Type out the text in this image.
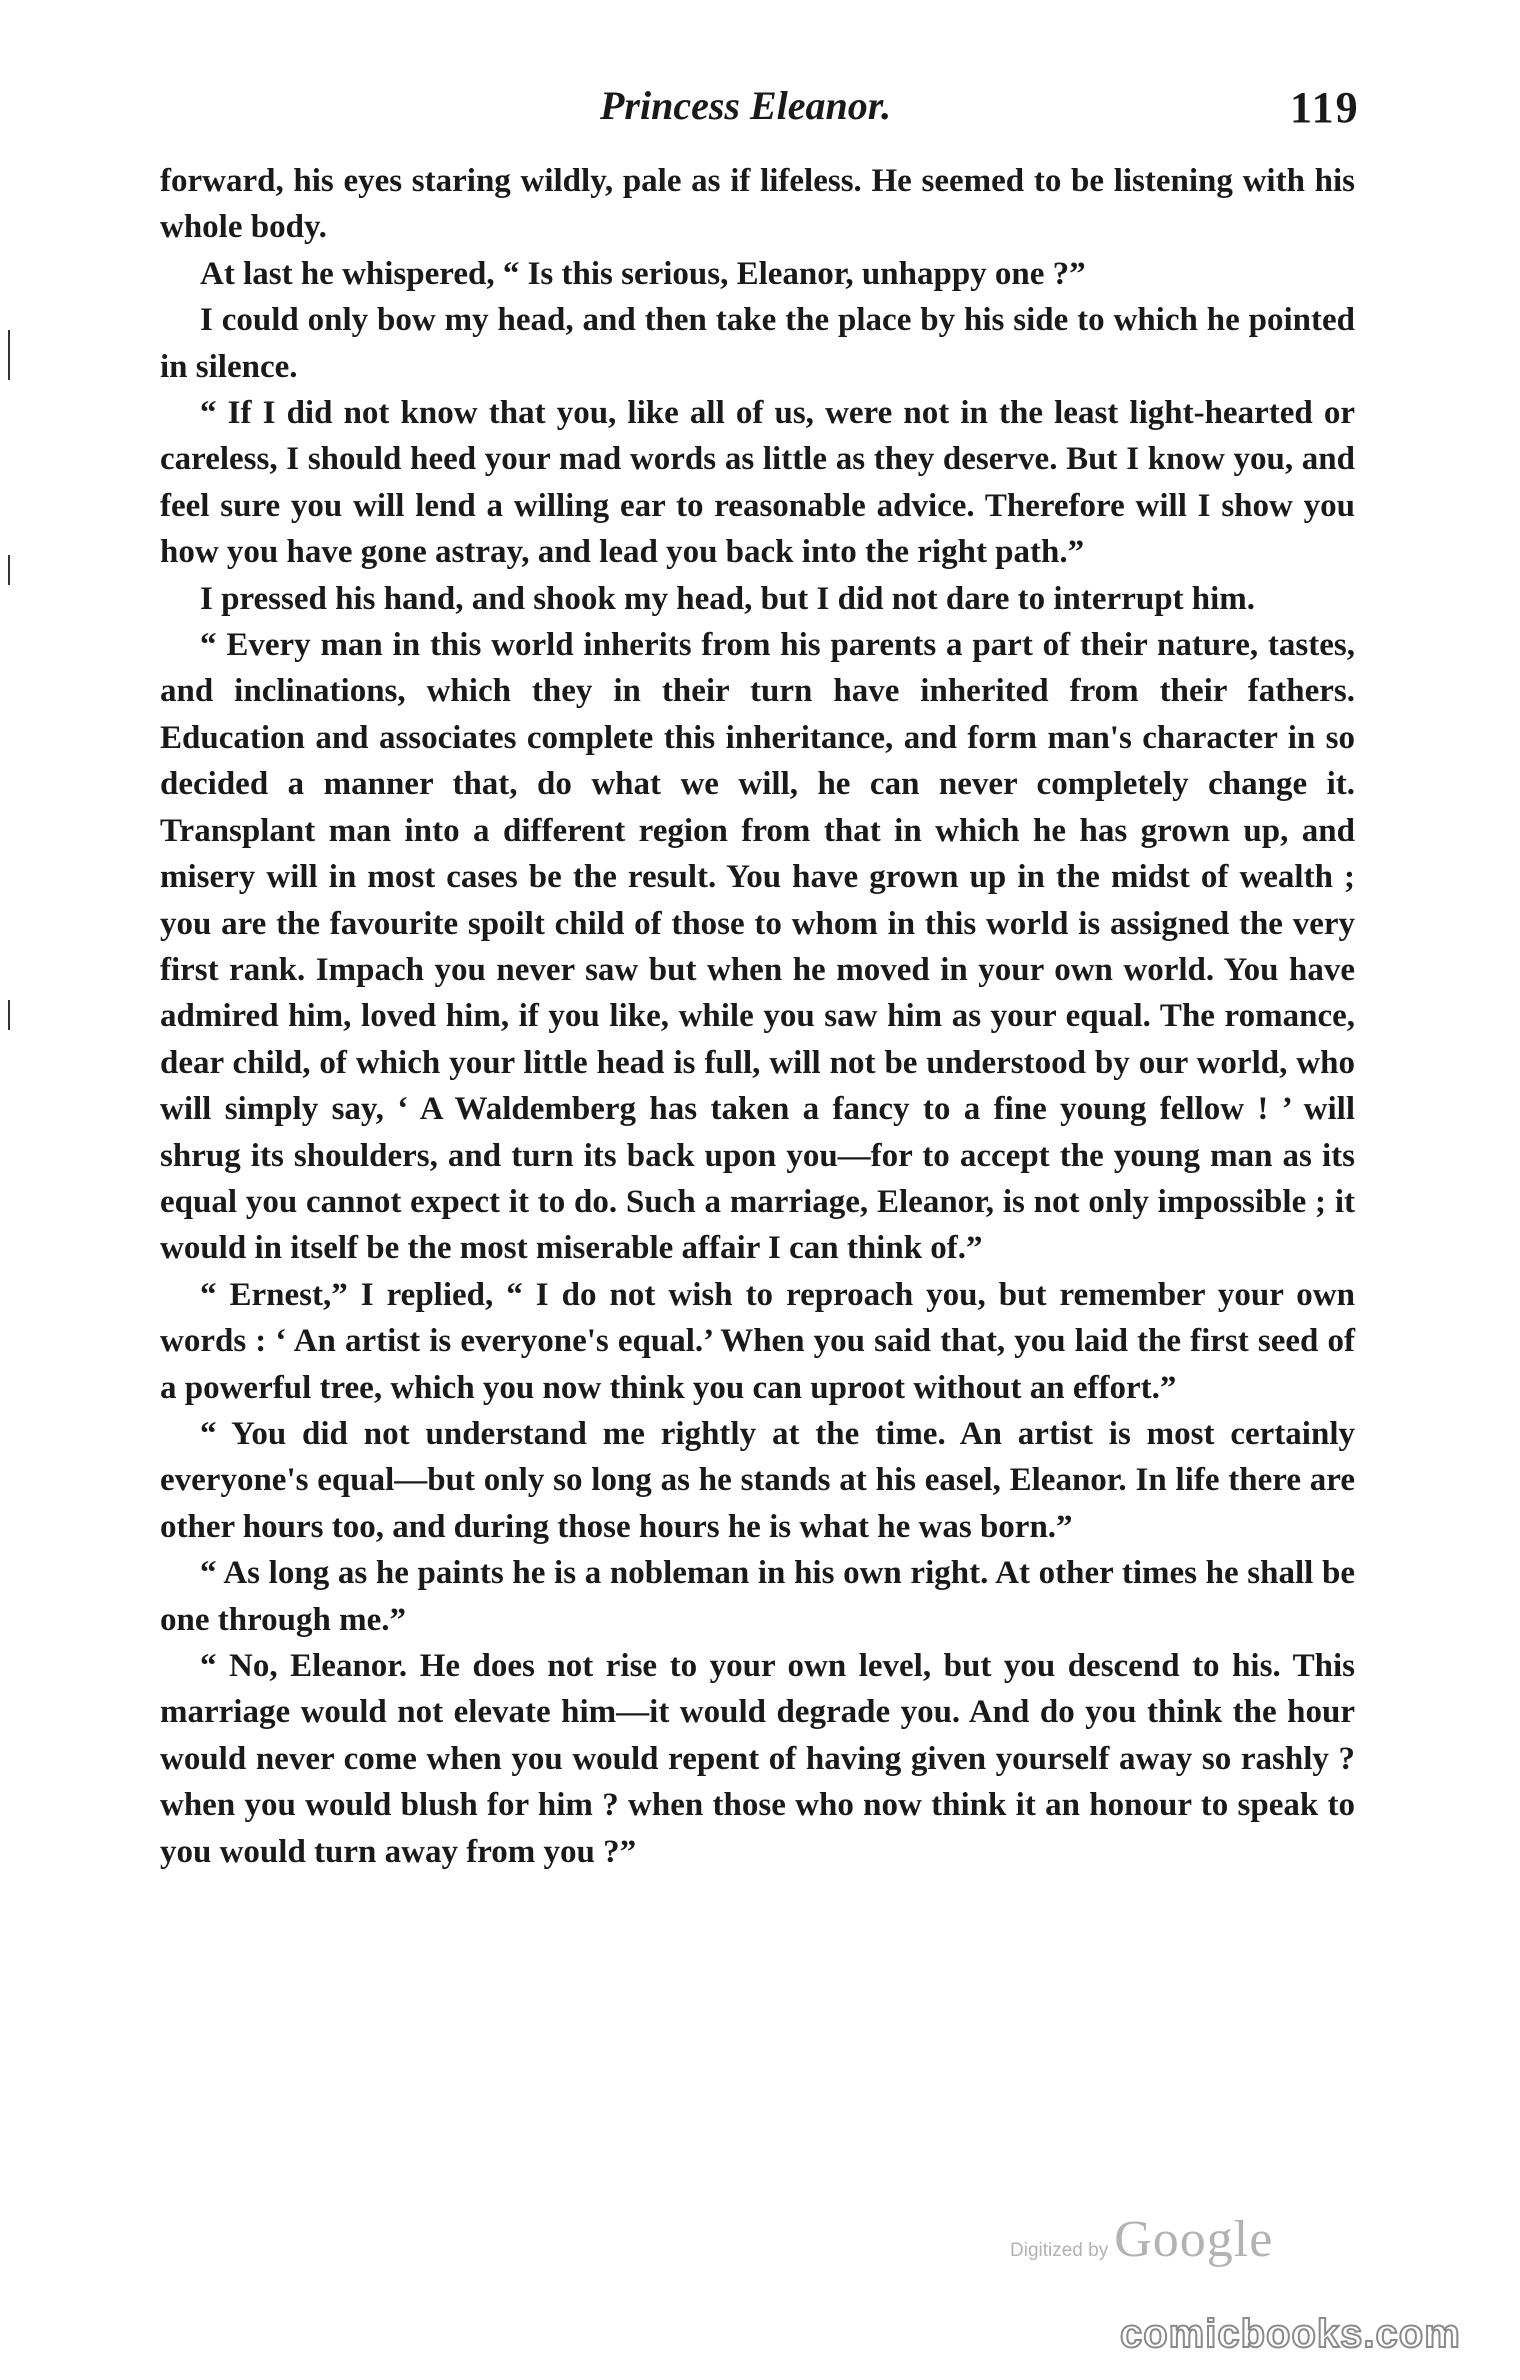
Princess Eleanor.	119

forward, his eyes staring wildly, pale as if lifeless. He seemed to be listening with his whole body.

At last he whispered, “ Is this serious, Eleanor, unhappy one ?”

I could only bow my head, and then take the place by his side to which he pointed in silence.

“ If I did not know that you, like all of us, were not in the least light-hearted or careless, I should heed your mad words as little as they deserve. But I know you, and feel sure you will lend a willing ear to reasonable advice. Therefore will I show you how you have gone astray, and lead you back into the right path.”

I pressed his hand, and shook my head, but I did not dare to interrupt him.

“ Every man in this world inherits from his parents a part of their nature, tastes, and inclinations, which they in their turn have inherited from their fathers. Education and associates complete this inheritance, and form man's character in so decided a manner that, do what we will, he can never completely change it. Transplant man into a different region from that in which he has grown up, and misery will in most cases be the result. You have grown up in the midst of wealth ; you are the favourite spoilt child of those to whom in this world is assigned the very first rank. Impach you never saw but when he moved in your own world. You have admired him, loved him, if you like, while you saw him as your equal. The romance, dear child, of which your little head is full, will not be understood by our world, who will simply say, ‘ A Waldemberg has taken a fancy to a fine young fellow ! ’ will shrug its shoulders, and turn its back upon you—for to accept the young man as its equal you cannot expect it to do. Such a marriage, Eleanor, is not only impossible ; it would in itself be the most miserable affair I can think of.”

“ Ernest,” I replied, “ I do not wish to reproach you, but remember your own words : ‘ An artist is everyone's equal.’ When you said that, you laid the first seed of a powerful tree, which you now think you can uproot without an effort.”

“ You did not understand me rightly at the time. An artist is most certainly everyone's equal—but only so long as he stands at his easel, Eleanor. In life there are other hours too, and during those hours he is what he was born.”

“ As long as he paints he is a nobleman in his own right. At other times he shall be one through me.”

“ No, Eleanor. He does not rise to your own level, but you descend to his. This marriage would not elevate him—it would degrade you. And do you think the hour would never come when you would repent of having given yourself away so rashly ? when you would blush for him ? when those who now think it an honour to speak to you would turn away from you ?”

Digitized by Google
comicbooks.com
